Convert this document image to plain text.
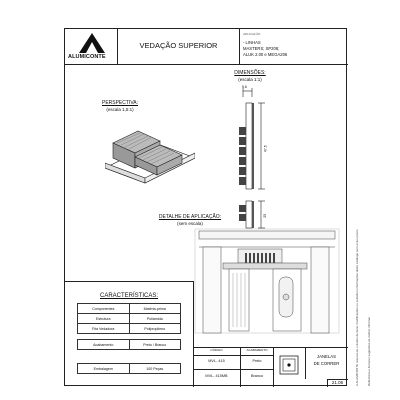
A ALUMICONTE reserva-se o direito de fazer modificações ou substituir informações deste catálogo sem aviso prévio	Referência e fornecer sugestões às melhor informar
ALUMICONTE
VEDAÇÃO SUPERIOR
APLICAÇÃO
- LINHAS
MASTERS; SP206;
ALUK 2.00 e MEGA206
DIMENSÕES:
(escala 1:1)
5,6
47,5
25
PERSPECTIVA:
(escala 1,5:1)
DETALHE DE APLICAÇÃO:
(sem escala)
CARACTERÍSTICAS:
Componentes	Matéria-prima
Estrutura	Poliamida
Fita Vedadora	Polipropileno
Acabamento	Preto / Branco
Embalagem	100 Peças
CÓDIGO	ACABAMENTO
MVL- 415	Preto
MVL- 415MB	Branco
JANELAS
DE CORRER
21.06
